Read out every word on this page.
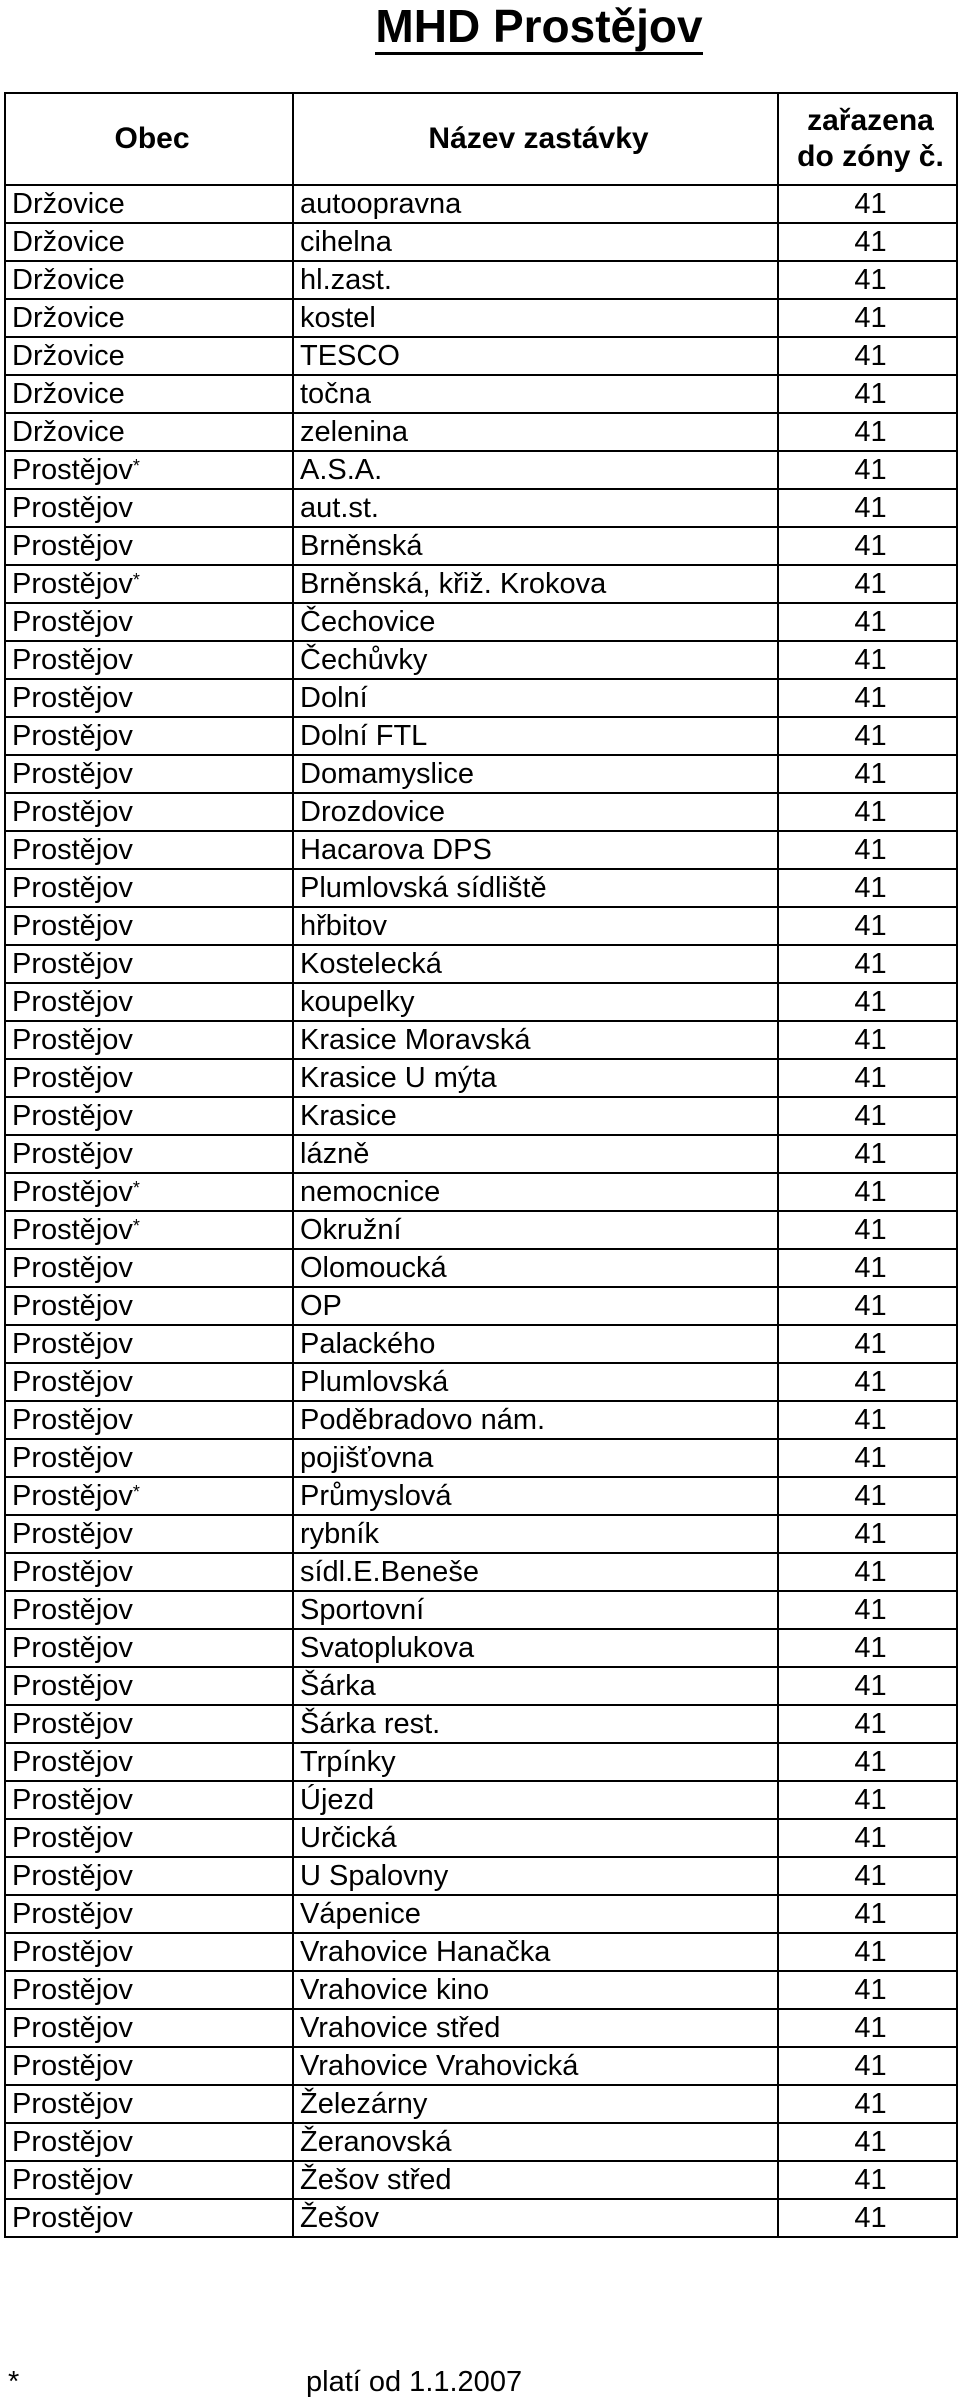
MHD Prostějov
Obec	Název zastávky	zařazena
do zóny č.
Držovice	autoopravna	41
Držovice	cihelna	41
Držovice	hl.zast.	41
Držovice	kostel	41
Držovice	TESCO	41
Držovice	točna	41
Držovice	zelenina	41
Prostějov*	A.S.A.	41
Prostějov	aut.st.	41
Prostějov	Brněnská	41
Prostějov*	Brněnská, křiž. Krokova	41
Prostějov	Čechovice	41
Prostějov	Čechůvky	41
Prostějov	Dolní	41
Prostějov	Dolní FTL	41
Prostějov	Domamyslice	41
Prostějov	Drozdovice	41
Prostějov	Hacarova DPS	41
Prostějov	Plumlovská sídliště	41
Prostějov	hřbitov	41
Prostějov	Kostelecká	41
Prostějov	koupelky	41
Prostějov	Krasice Moravská	41
Prostějov	Krasice U mýta	41
Prostějov	Krasice	41
Prostějov	lázně	41
Prostějov*	nemocnice	41
Prostějov*	Okružní	41
Prostějov	Olomoucká	41
Prostějov	OP	41
Prostějov	Palackého	41
Prostějov	Plumlovská	41
Prostějov	Poděbradovo nám.	41
Prostějov	pojišťovna	41
Prostějov*	Průmyslová	41
Prostějov	rybník	41
Prostějov	sídl.E.Beneše	41
Prostějov	Sportovní	41
Prostějov	Svatoplukova	41
Prostějov	Šárka	41
Prostějov	Šárka rest.	41
Prostějov	Trpínky	41
Prostějov	Újezd	41
Prostějov	Určická	41
Prostějov	U Spalovny	41
Prostějov	Vápenice	41
Prostějov	Vrahovice Hanačka	41
Prostějov	Vrahovice kino	41
Prostějov	Vrahovice střed	41
Prostějov	Vrahovice Vrahovická	41
Prostějov	Železárny	41
Prostějov	Žeranovská	41
Prostějov	Žešov střed	41
Prostějov	Žešov	41
*	platí od 1.1.2007
